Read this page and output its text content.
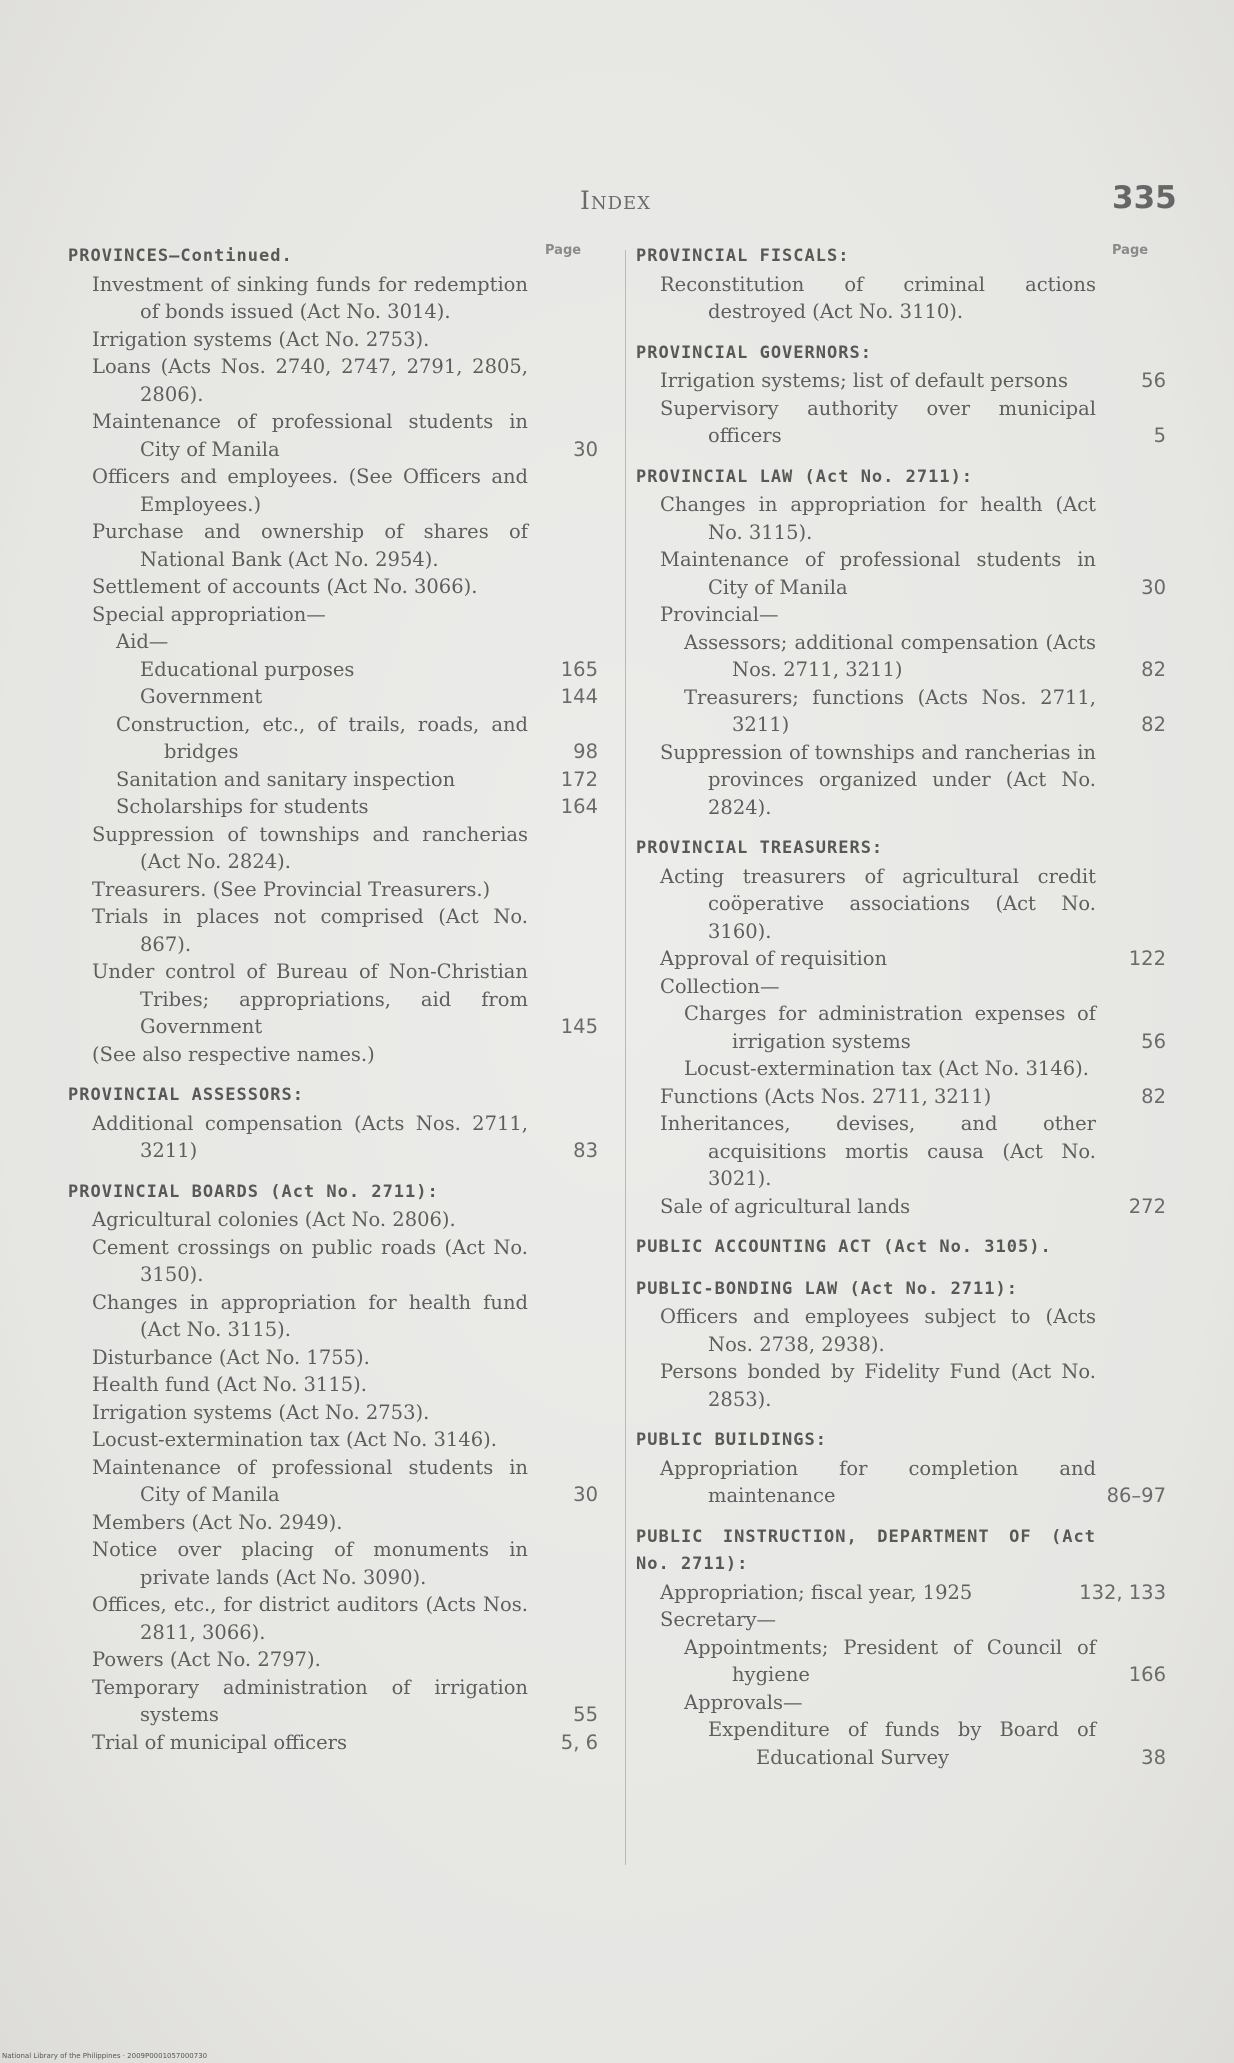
Index	335
Page
PROVINCES—Continued.
Investment of sinking funds for redemption of bonds issued (Act No. 3014).
Irrigation systems (Act No. 2753).
Loans (Acts Nos. 2740, 2747, 2791, 2805, 2806).
Maintenance of professional students in City of Manila	30
Officers and employees. (See Officers and Employees.)
Purchase and ownership of shares of National Bank (Act No. 2954).
Settlement of accounts (Act No. 3066).
Special appropriation—
Aid—
Educational purposes	165
Government	144
Construction, etc., of trails, roads, and bridges	98
Sanitation and sanitary inspection	172
Scholarships for students	164
Suppression of townships and rancherias (Act No. 2824).
Treasurers. (See Provincial Treasurers.)
Trials in places not comprised (Act No. 867).
Under control of Bureau of Non-Christian Tribes; appropriations, aid from Government	145
(See also respective names.)
PROVINCIAL ASSESSORS:
Additional compensation (Acts Nos. 2711, 3211)	83
PROVINCIAL BOARDS (Act No. 2711):
Agricultural colonies (Act No. 2806).
Cement crossings on public roads (Act No. 3150).
Changes in appropriation for health fund (Act No. 3115).
Disturbance (Act No. 1755).
Health fund (Act No. 3115).
Irrigation systems (Act No. 2753).
Locust-extermination tax (Act No. 3146).
Maintenance of professional students in City of Manila	30
Members (Act No. 2949).
Notice over placing of monuments in private lands (Act No. 3090).
Offices, etc., for district auditors (Acts Nos. 2811, 3066).
Powers (Act No. 2797).
Temporary administration of irrigation systems	55
Trial of municipal officers	5, 6
Page
PROVINCIAL FISCALS:
Reconstitution of criminal actions destroyed (Act No. 3110).
PROVINCIAL GOVERNORS:
Irrigation systems; list of default persons	56
Supervisory authority over municipal officers	5
PROVINCIAL LAW (Act No. 2711):
Changes in appropriation for health (Act No. 3115).
Maintenance of professional students in City of Manila	30
Provincial—
Assessors; additional compensation (Acts Nos. 2711, 3211)	82
Treasurers; functions (Acts Nos. 2711, 3211)	82
Suppression of townships and rancherias in provinces organized under (Act No. 2824).
PROVINCIAL TREASURERS:
Acting treasurers of agricultural credit coöperative associations (Act No. 3160).
Approval of requisition	122
Collection—
Charges for administration expenses of irrigation systems	56
Locust-extermination tax (Act No. 3146).
Functions (Acts Nos. 2711, 3211)	82
Inheritances, devises, and other acquisitions mortis causa (Act No. 3021).
Sale of agricultural lands	272
PUBLIC ACCOUNTING ACT (Act No. 3105).
PUBLIC-BONDING LAW (Act No. 2711):
Officers and employees subject to (Acts Nos. 2738, 2938).
Persons bonded by Fidelity Fund (Act No. 2853).
PUBLIC BUILDINGS:
Appropriation for completion and maintenance	86–97
PUBLIC INSTRUCTION, DEPARTMENT OF (Act No. 2711):
Appropriation; fiscal year, 1925	132, 133
Secretary—
Appointments; President of Council of hygiene	166
Approvals—
Expenditure of funds by Board of Educational Survey	38
National Library of the Philippines · 2009P0001057000730
